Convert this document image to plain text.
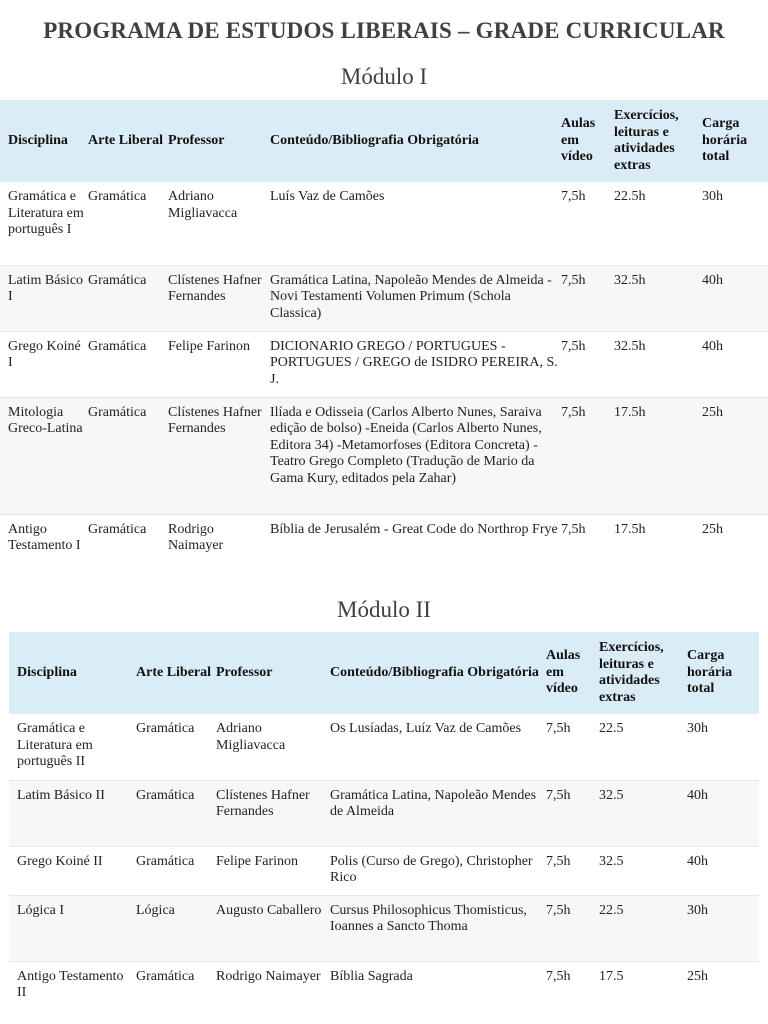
PROGRAMA DE ESTUDOS LIBERAIS – GRADE CURRICULAR
Módulo I
Disciplina	Arte Liberal	Professor	Conteúdo/Bibliografia Obrigatória	Aulas em vídeo	Exercícios, leituras e atividades extras	Carga horária total
Gramática e Literatura em português I	Gramática	Adriano Migliavacca	Luís Vaz de Camões	7,5h	22.5h	30h
Latim Básico I	Gramática	Clístenes Hafner Fernandes	Gramática Latina, Napoleão Mendes de Almeida - Novi Testamenti Volumen Primum (Schola Classica)	7,5h	32.5h	40h
Grego Koiné I	Gramática	Felipe Farinon	DICIONARIO GREGO / PORTUGUES - PORTUGUES / GREGO de ISIDRO PEREIRA, S. J.	7,5h	32.5h	40h
Mitologia Greco-Latina	Gramática	Clístenes Hafner Fernandes	Ilíada e Odisseia (Carlos Alberto Nunes, Saraiva edição de bolso) -Eneida (Carlos Alberto Nunes, Editora 34) -Metamorfoses (Editora Concreta) - Teatro Grego Completo (Tradução de Mario da Gama Kury, editados pela Zahar)	7,5h	17.5h	25h
Antigo Testamento I	Gramática	Rodrigo Naimayer	Bíblia de Jerusalém - Great Code do Northrop Frye	7,5h	17.5h	25h
Módulo II
Disciplina	Arte Liberal	Professor	Conteúdo/Bibliografia Obrigatória	Aulas em vídeo	Exercícios, leituras e atividades extras	Carga horária total
Gramática e Literatura em português II	Gramática	Adriano Migliavacca	Os Lusíadas, Luíz Vaz de Camões	7,5h	22.5	30h
Latim Básico II	Gramática	Clístenes Hafner Fernandes	Gramática Latina, Napoleão Mendes de Almeida	7,5h	32.5	40h
Grego Koiné II	Gramática	Felipe Farinon	Polis (Curso de Grego), Christopher Rico	7,5h	32.5	40h
Lógica I	Lógica	Augusto Caballero	Cursus Philosophicus Thomisticus, Ioannes a Sancto Thoma	7,5h	22.5	30h
Antigo Testamento II	Gramática	Rodrigo Naimayer	Bíblia Sagrada	7,5h	17.5	25h
